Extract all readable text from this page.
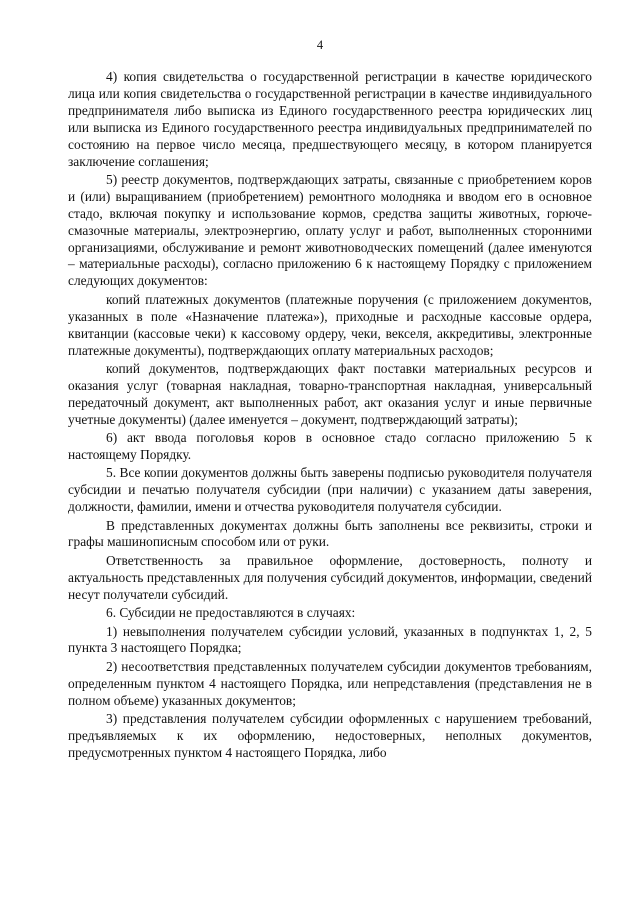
4

4) копия свидетельства о государственной регистрации в качестве юридического лица или копия свидетельства о государственной регистрации в качестве индивидуального предпринимателя либо выписка из Единого государственного реестра юридических лиц или выписка из Единого государственного реестра индивидуальных предпринимателей по состоянию на первое число месяца, предшествующего месяцу, в котором планируется заключение соглашения;

5) реестр документов, подтверждающих затраты, связанные с приобретением коров и (или) выращиванием (приобретением) ремонтного молодняка и вводом его в основное стадо, включая покупку и использование кормов, средства защиты животных, горюче-смазочные материалы, электроэнергию, оплату услуг и работ, выполненных сторонними организациями, обслуживание и ремонт животноводческих помещений (далее именуются – материальные расходы), согласно приложению 6 к настоящему Порядку с приложением следующих документов:

копий платежных документов (платежные поручения (с приложением документов, указанных в поле «Назначение платежа»), приходные и расходные кассовые ордера, квитанции (кассовые чеки) к кассовому ордеру, чеки, векселя, аккредитивы, электронные платежные документы), подтверждающих оплату материальных расходов;

копий документов, подтверждающих факт поставки материальных ресурсов и оказания услуг (товарная накладная, товарно-транспортная накладная, универсальный передаточный документ, акт выполненных работ, акт оказания услуг и иные первичные учетные документы) (далее именуется – документ, подтверждающий затраты);

6) акт ввода поголовья коров в основное стадо согласно приложению 5 к настоящему Порядку.

5. Все копии документов должны быть заверены подписью руководителя получателя субсидии и печатью получателя субсидии (при наличии) с указанием даты заверения, должности, фамилии, имени и отчества руководителя получателя субсидии.

В представленных документах должны быть заполнены все реквизиты, строки и графы машинописным способом или от руки.

Ответственность за правильное оформление, достоверность, полноту и актуальность представленных для получения субсидий документов, информации, сведений несут получатели субсидий.

6. Субсидии не предоставляются в случаях:

1) невыполнения получателем субсидии условий, указанных в подпунктах 1, 2, 5 пункта 3 настоящего Порядка;

2) несоответствия представленных получателем субсидии документов требованиям, определенным пунктом 4 настоящего Порядка, или непредставления (представления не в полном объеме) указанных документов;

3) представления получателем субсидии оформленных с нарушением требований, предъявляемых к их оформлению, недостоверных, неполных документов, предусмотренных пунктом 4 настоящего Порядка, либо
